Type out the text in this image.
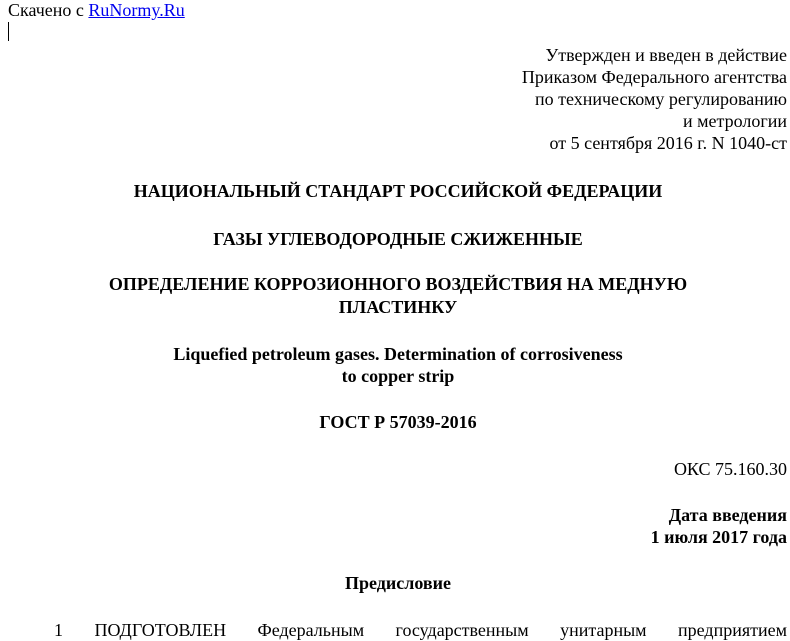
Скачено с RuNormy.Ru
Утвержден и введен в действие
Приказом Федерального агентства
по техническому регулированию
и метрологии
от 5 сентября 2016 г. N 1040-ст
НАЦИОНАЛЬНЫЙ СТАНДАРТ РОССИЙСКОЙ ФЕДЕРАЦИИ
ГАЗЫ УГЛЕВОДОРОДНЫЕ СЖИЖЕННЫЕ
ОПРЕДЕЛЕНИЕ КОРРОЗИОННОГО ВОЗДЕЙСТВИЯ НА МЕДНУЮ
ПЛАСТИНКУ
Liquefied petroleum gases. Determination of corrosiveness
to copper strip
ГОСТ Р 57039-2016
ОКС 75.160.30
Дата введения
1 июля 2017 года
Предисловие
1 ПОДГОТОВЛЕН Федеральным государственным унитарным предприятием
